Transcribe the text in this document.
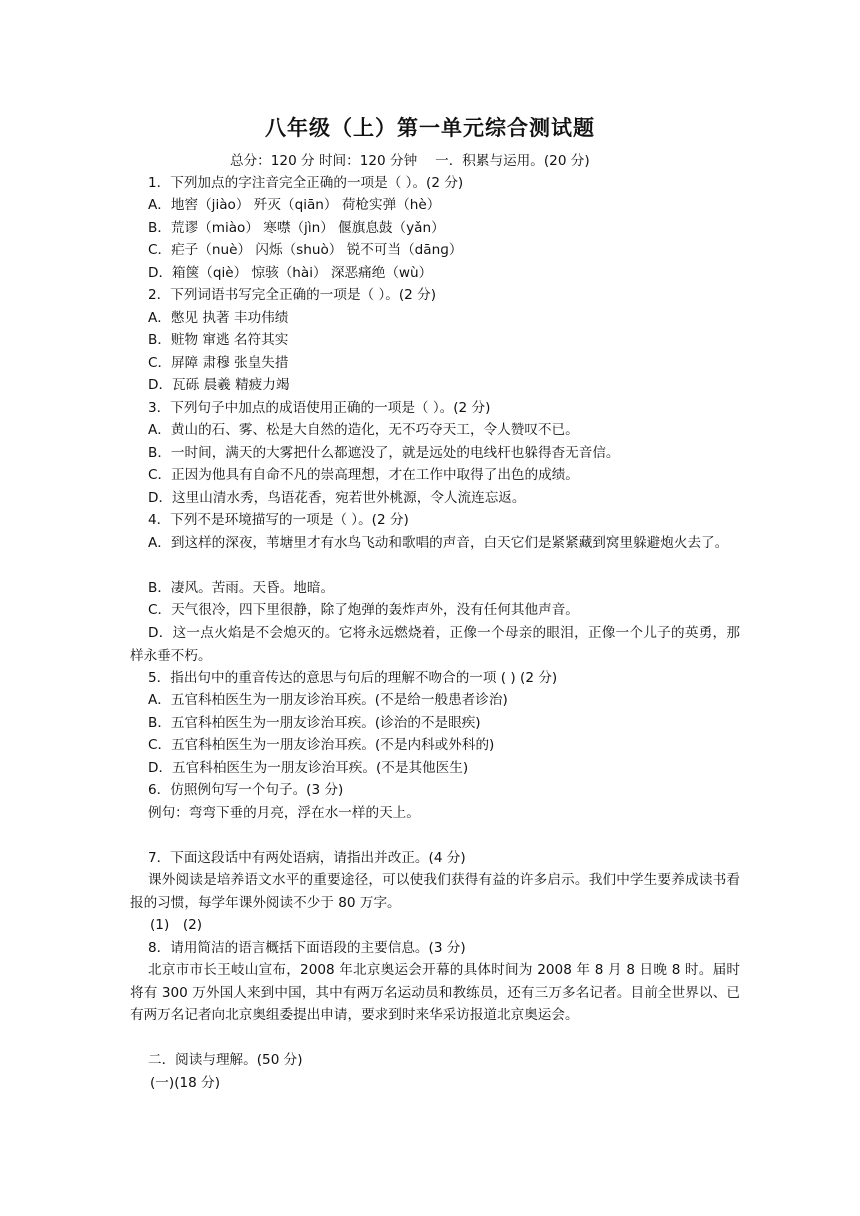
八年级（上）第一单元综合测试题
总分：120 分 时间：120 分钟　 一．积累与运用。(20 分)
1．下列加点的字注音完全正确的一项是（ ）。(2 分)
A．地窖（jiào） 歼灭（qiān） 荷枪实弹（hè）
B．荒谬（miào） 寒噤（jìn） 偃旗息鼓（yǎn）
C．疟子（nuè） 闪烁（shuò） 锐不可当（dānɡ）
D．箱箧（qiè） 惊骇（hài） 深恶痛绝（wù）
2．下列词语书写完全正确的一项是（ ）。(2 分)
A．憋见 执著 丰功伟绩
B．赃物 窜逃 名符其实
C．屏障 肃穆 张皇失措
D．瓦砾 晨羲 精疲力竭
3．下列句子中加点的成语使用正确的一项是（ ）。(2 分)
A．黄山的石、雾、松是大自然的造化，无不巧夺天工，令人赞叹不已。
B．一时间，满天的大雾把什么都遮没了，就是远处的电线杆也躲得杳无音信。
C．正因为他具有自命不凡的崇高理想，才在工作中取得了出色的成绩。
D．这里山清水秀，鸟语花香，宛若世外桃源，令人流连忘返。
4．下列不是环境描写的一项是（ ）。(2 分)
A．到这样的深夜，苇塘里才有水鸟飞动和歌唱的声音，白天它们是紧紧藏到窝里躲避炮火去了。
B．凄风。苦雨。天昏。地暗。
C．天气很冷，四下里很静，除了炮弹的轰炸声外，没有任何其他声音。
D．这一点火焰是不会熄灭的。它将永远燃烧着，正像一个母亲的眼泪，正像一个儿子的英勇，那样永垂不朽。
5．指出句中的重音传达的意思与句后的理解不吻合的一项 ( ) (2 分)
A．五官科柏医生为一朋友诊治耳疾。(不是给一般患者诊治)
B．五官科柏医生为一朋友诊治耳疾。(诊治的不是眼疾)
C．五官科柏医生为一朋友诊治耳疾。(不是内科或外科的)
D．五官科柏医生为一朋友诊治耳疾。(不是其他医生)
6．仿照例句写一个句子。(3 分)
例句：弯弯下垂的月亮，浮在水一样的天上。
7．下面这段话中有两处语病，请指出并改正。(4 分)
课外阅读是培养语文水平的重要途径，可以使我们获得有益的许多启示。我们中学生要养成读书看报的习惯，每学年课外阅读不少于 80 万字。
(1)　(2)
8．请用简洁的语言概括下面语段的主要信息。(3 分)
北京市市长王岐山宣布，2008 年北京奥运会开幕的具体时间为 2008 年 8 月 8 日晚 8 时。届时将有 300 万外国人来到中国，其中有两万名运动员和教练员，还有三万多名记者。目前全世界以、已有两万名记者向北京奥组委提出申请，要求到时来华采访报道北京奥运会。
二．阅读与理解。(50 分)
(一)(18 分)
